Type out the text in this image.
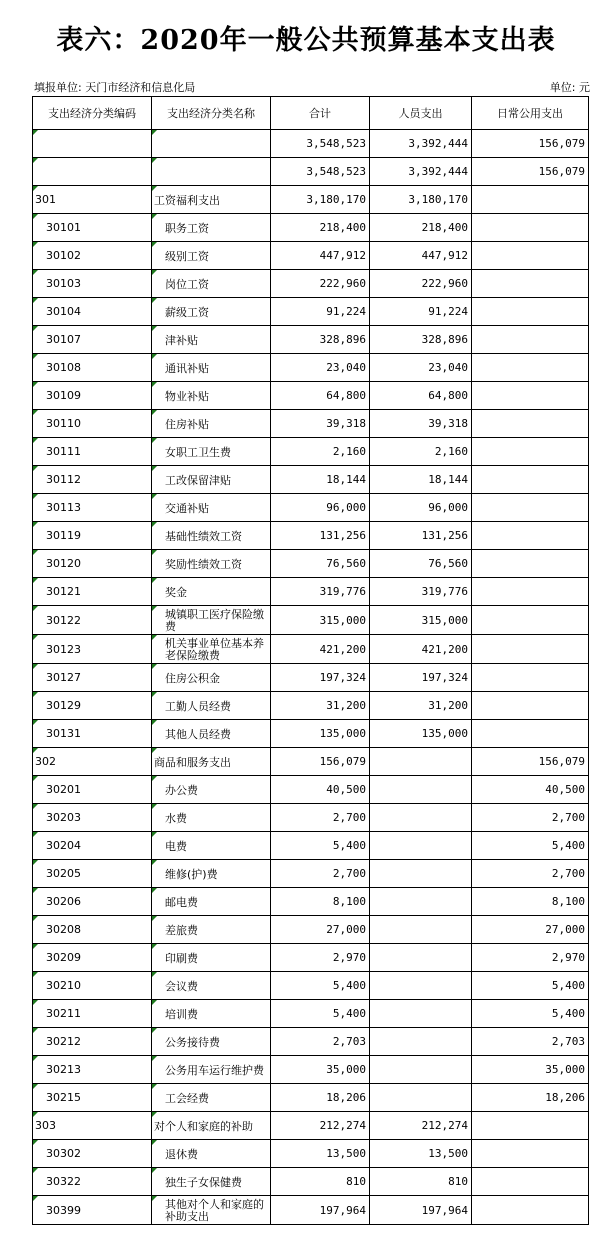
表六：2020年一般公共预算基本支出表
填报单位: 天门市经济和信息化局	单位: 元
支出经济分类编码	支出经济分类名称	合计	人员支出	日常公用支出
		3,548,523	3,392,444	156,079
		3,548,523	3,392,444	156,079
301	工资福利支出	3,180,170	3,180,170	
30101	职务工资	218,400	218,400	
30102	级别工资	447,912	447,912	
30103	岗位工资	222,960	222,960	
30104	薪级工资	91,224	91,224	
30107	津补贴	328,896	328,896	
30108	通讯补贴	23,040	23,040	
30109	物业补贴	64,800	64,800	
30110	住房补贴	39,318	39,318	
30111	女职工卫生费	2,160	2,160	
30112	工改保留津贴	18,144	18,144	
30113	交通补贴	96,000	96,000	
30119	基础性绩效工资	131,256	131,256	
30120	奖励性绩效工资	76,560	76,560	
30121	奖金	319,776	319,776	
30122	城镇职工医疗保险缴费	315,000	315,000	
30123	机关事业单位基本养老保险缴费	421,200	421,200	
30127	住房公积金	197,324	197,324	
30129	工勤人员经费	31,200	31,200	
30131	其他人员经费	135,000	135,000	
302	商品和服务支出	156,079		156,079
30201	办公费	40,500		40,500
30203	水费	2,700		2,700
30204	电费	5,400		5,400
30205	维修(护)费	2,700		2,700
30206	邮电费	8,100		8,100
30208	差旅费	27,000		27,000
30209	印刷费	2,970		2,970
30210	会议费	5,400		5,400
30211	培训费	5,400		5,400
30212	公务接待费	2,703		2,703
30213	公务用车运行维护费	35,000		35,000
30215	工会经费	18,206		18,206
303	对个人和家庭的补助	212,274	212,274	
30302	退休费	13,500	13,500	
30322	独生子女保健费	810	810	
30399	其他对个人和家庭的补助支出	197,964	197,964	
